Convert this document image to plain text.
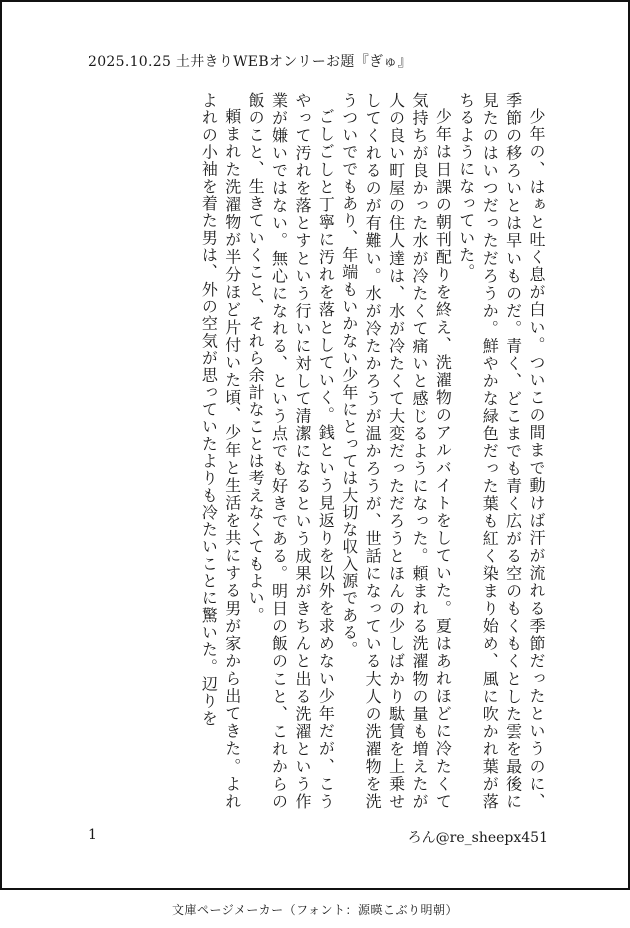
2025.10.25 土井きりWEBオンリーお題『ぎゅ』

少年の、はぁと吐く息が白い。ついこの間まで動けば汗が流れる季節だったというのに、季節の移ろいとは早いものだ。青く、どこまでも青く広がる空のもくもくとした雲を最後に見たのはいつだっただろうか。鮮やかな緑色だった葉も紅く染まり始め、風に吹かれ葉が落ちるようになっていた。

少年は日課の朝刊配りを終え、洗濯物のアルバイトをしていた。夏はあれほどに冷たくて気持ちが良かった水が冷たくて痛いと感じるようになった。頼まれる洗濯物の量も増えたが人の良い町屋の住人達は、水が冷たくて大変だっただろうとほんの少しばかり駄賃を上乗せしてくれるのが有難い。水が冷たかろうが温かろうが、世話になっている大人の洗濯物を洗うついででもあり、年端もいかない少年にとっては大切な収入源である。

ごしごしと丁寧に汚れを落としていく。銭という見返りを以外を求めない少年だが、こうやって汚れを落とすという行いに対して清潔になるという成果がきちんと出る洗濯という作業が嫌いではない。無心になれる、という点でも好きである。明日の飯のこと、これからの飯のこと、生きていくこと、それら余計なことは考えなくてもよい。

頼まれた洗濯物が半分ほど片付いた頃、少年と生活を共にする男が家から出てきた。よれよれの小袖を着た男は、外の空気が思っていたよりも冷たいことに驚いた。辺りを

1	ろん@re_sheepx451
文庫ページメーカー（フォント：源暎こぶり明朝）
